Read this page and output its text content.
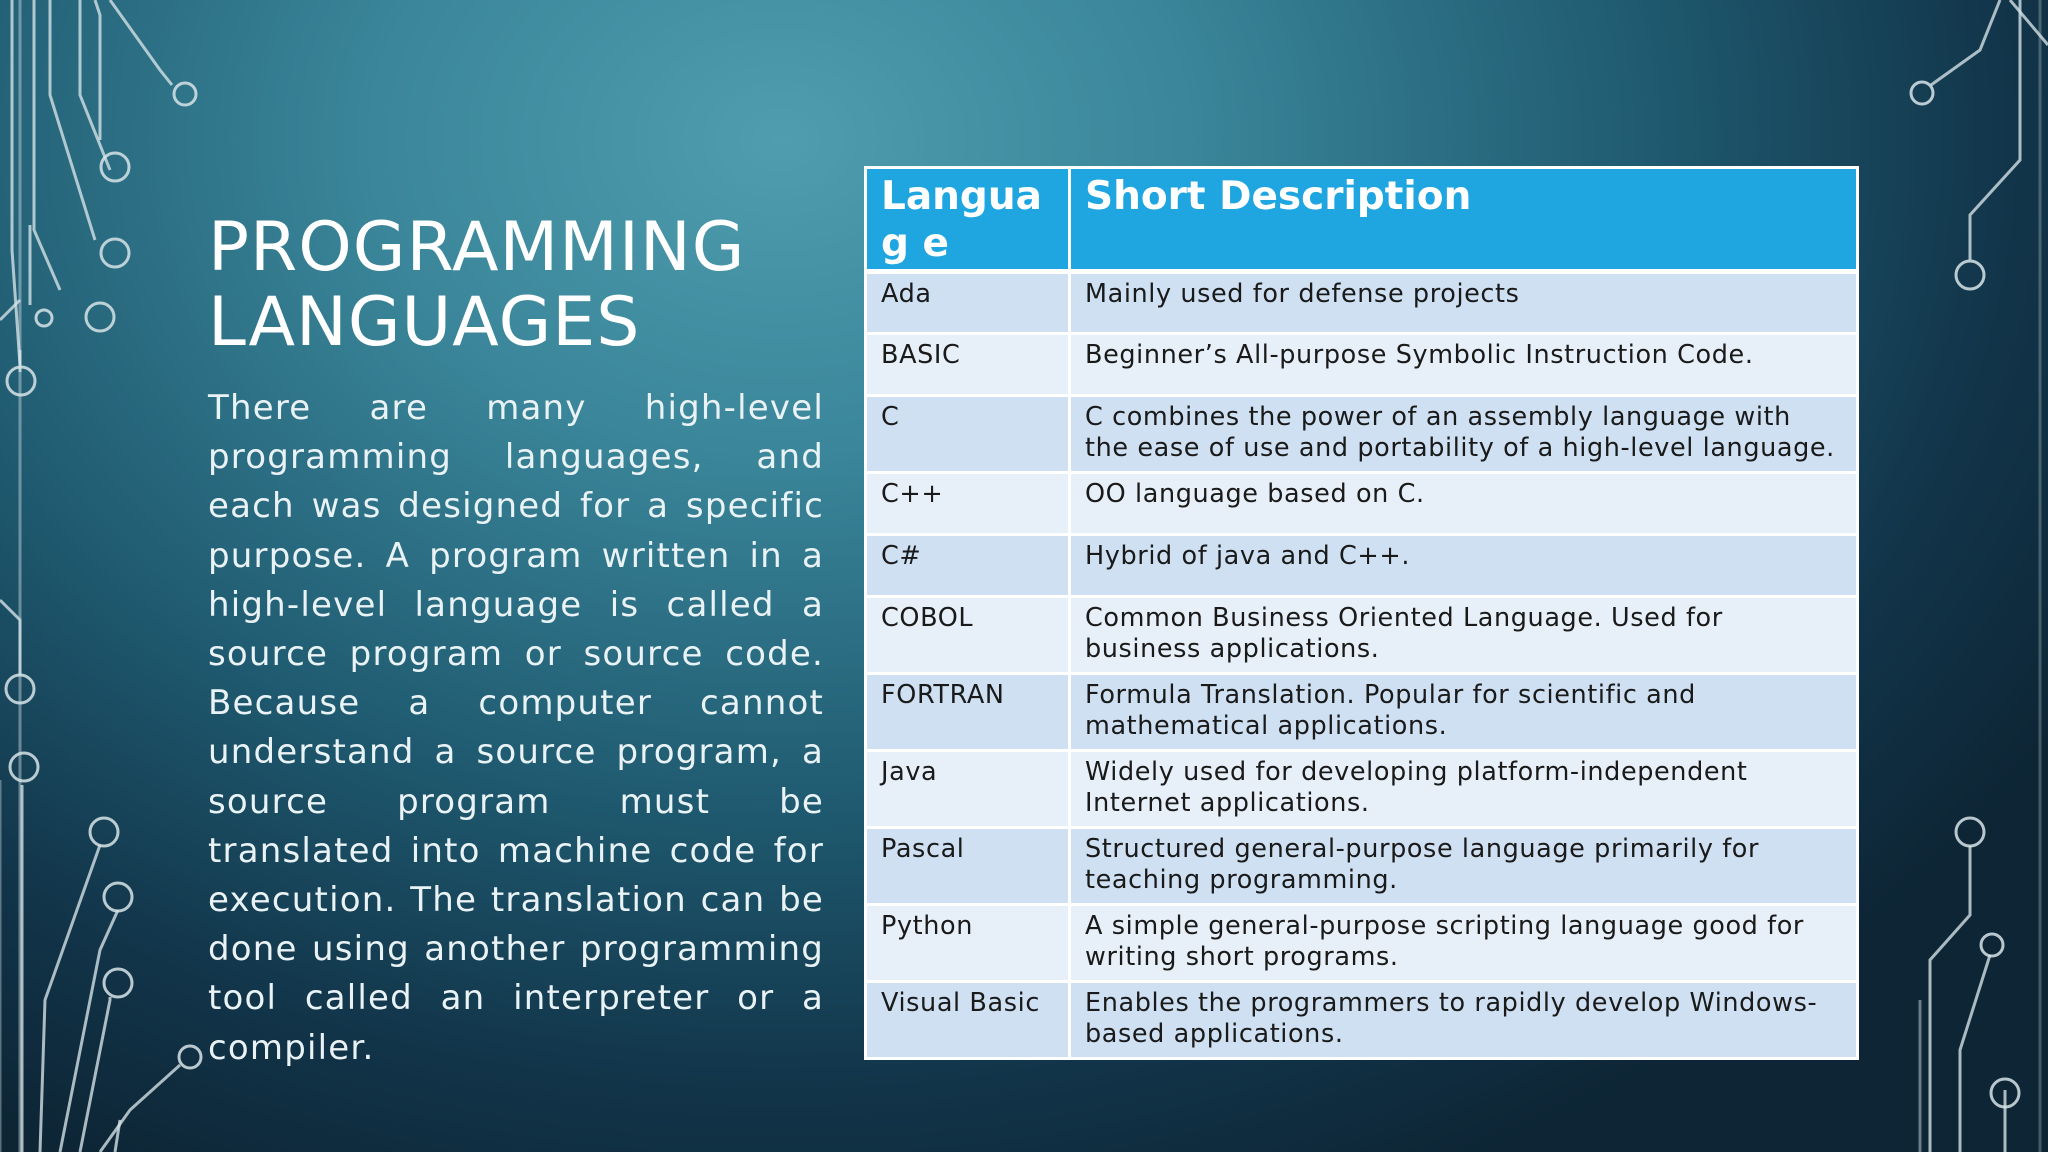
PROGRAMMING
LANGUAGES

There are many high-level programming languages, and each was designed for a specific purpose. A program written in a high-level language is called a source program or source code. Because a computer cannot understand a source program, a source program must be translated into machine code for execution. The translation can be done using another programming tool called an interpreter or a compiler.

Languag e	Short Description
Ada	Mainly used for defense projects
BASIC	Beginner’s All-purpose Symbolic Instruction Code.
C	C combines the power of an assembly language with the ease of use and portability of a high-level language.
C++	OO language based on C.
C#	Hybrid of java and C++.
COBOL	Common Business Oriented Language. Used for business applications.
FORTRAN	Formula Translation. Popular for scientific and mathematical applications.
Java	Widely used for developing platform-independent Internet applications.
Pascal	Structured general-purpose language primarily for teaching programming.
Python	A simple general-purpose scripting language good for writing short programs.
Visual Basic	Enables the programmers to rapidly develop Windows-based applications.
